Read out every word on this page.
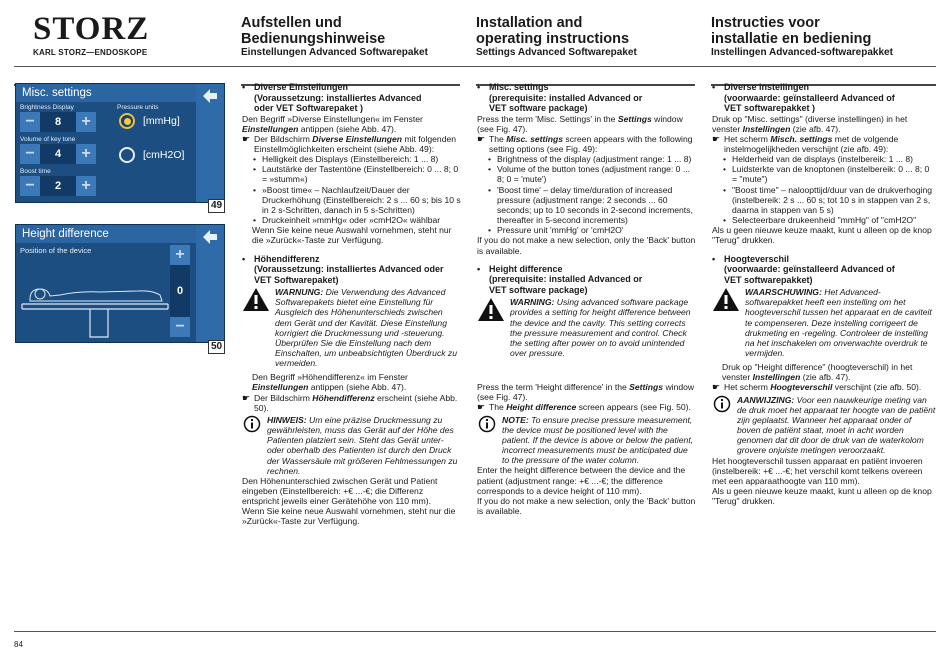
STORZ
KARL STORZ—ENDOSKOPE
Aufstellen und
Bedienungshinweise
Einstellungen Advanced Softwarepaket
Installation and
operating instructions
Settings Advanced Softwarepaket
Instructies voor
installatie en bediening
Instellingen Advanced-softwarepakket
Misc. settings
Brightness Display
−	8	+
Volume of key tone
−	4	+
Boost time
−	2	+
Pressure units
[mmHg]
[cmH2O]
49
Height difference
Position of the device	+
0
−
50
• Diverse Einstellungen
(Voraussetzung: installiertes Advanced
oder VET Softwarepaket )

Den Begriff »Diverse Einstellungen« im Fenster Einstellungen antippen (siehe Abb. 47).

☛ Der Bildschirm Diverse Einstellungen mit folgenden Einstellmöglichkeiten erscheint (siehe Abb. 49):
• Helligkeit des Displays (Einstellbereich: 1 ... 8)
• Lautstärke der Tastentöne (Einstellbereich: 0 ... 8; 0 = »stumm«)
• »Boost time« – Nachlaufzeit/Dauer der Druckerhöhung (Einstellbereich: 2 s ... 60 s; bis 10 s in 2 s-Schritten, danach in 5 s-Schritten)
• Druckeinheit »mmHg« oder »cmH2O« wählbar

Wenn Sie keine neue Auswahl vornehmen, steht nur die »Zurück«-Taste zur Verfügung.

• Höhendifferenz
(Voraussetzung: installiertes Advanced oder
VET Softwarepaket)
WARNUNG: Die Verwendung des Advanced Softwarepakets bietet eine Einstellung für Ausgleich des Höhenunterschieds zwischen dem Gerät und der Kavität. Diese Einstellung korrigiert die Druckmessung und -steuerung. Überprüfen Sie die Einstellung nach dem Einschalten, um unbeabsichtigten Überdruck zu vermeiden.

Den Begriff »Höhendifferenz« im Fenster Einstellungen antippen (siehe Abb. 47).

☛ Der Bildschirm Höhendifferenz erscheint (siehe Abb. 50).
HINWEIS: Um eine präzise Druckmessung zu gewährleisten, muss das Gerät auf der Höhe des Patienten platziert sein. Steht das Gerät unter- oder oberhalb des Patienten ist durch den Druck der Wassersäule mit größeren Fehlmessungen zu rechnen.

Den Höhenunterschied zwischen Gerät und Patient eingeben (Einstellbereich: +€ ...-€; die Differenz entspricht jeweils einer Gerätehöhe von 110 mm).

Wenn Sie keine neue Auswahl vornehmen, steht nur die »Zurück«-Taste zur Verfügung.

• Misc. settings
(prerequisite: installed Advanced or
VET software package)

Press the term 'Misc. Settings' in the Settings window (see Fig. 47).

☛ The Misc. settings screen appears with the following setting options (see Fig. 49):
• Brightness of the display (adjustment range: 1 ... 8)
• Volume of the button tones (adjustment range: 0 ... 8; 0 = 'mute')
• 'Boost time' – delay time/duration of increased pressure (adjustment range: 2 seconds ... 60 seconds; up to 10 seconds in 2-second increments, thereafter in 5-second increments)
• Pressure unit 'mmHg' or 'cmH2O'

If you do not make a new selection, only the 'Back' button is available.

• Height difference
(prerequisite: installed Advanced or
VET software package)
WARNING: Using advanced software package provides a setting for height difference between the device and the cavity. This setting corrects the pressure measurement and control. Check the setting after power on to avoid unintended over pressure.

Press the term 'Height difference' in the Settings window (see Fig. 47).

☛ The Height difference screen appears (see Fig. 50).
NOTE: To ensure precise pressure measurement, the device must be positioned level with the patient. If the device is above or below the patient, incorrect measurements must be anticipated due to the pressure of the water column.

Enter the height difference between the device and the patient (adjustment range: +€ ...-€; the difference corresponds to a device height of 110 mm).

If you do not make a new selection, only the 'Back' button is available.

• Diverse instellingen
(voorwaarde: geïnstalleerd Advanced of
VET softwarepakket )

Druk op "Misc. settings" (diverse instellingen) in het venster Instellingen (zie afb. 47).

☛ Het scherm Misch. settings met de volgende instelmogelijkheden verschijnt (zie afb. 49):
• Helderheid van de displays (instelbereik: 1 ... 8)
• Luidsterkte van de knoptonen (instelbereik: 0 ... 8; 0 = "mute")
• "Boost time" – naloopttijd/duur van de drukverhoging (instelbereik: 2 s ... 60 s; tot 10 s in stappen van 2 s, daarna in stappen van 5 s)
• Selecteerbare drukeenheid "mmHg" of "cmH2O"

Als u geen nieuwe keuze maakt, kunt u alleen op de knop "Terug" drukken.

• Hoogteverschil
(voorwaarde: geïnstalleerd Advanced of
VET softwarepakket)
WAARSCHUWING: Het Advanced-softwarepakket heeft een instelling om het hoogteverschil tussen het apparaat en de caviteit te compenseren. Deze instelling corrigeert de drukmeting en -regeling. Controleer de instelling na het inschakelen om onverwachte overdruk te vermijden.

Druk op "Height difference" (hoogteverschil) in het venster Instellingen (zie afb. 47).

☛ Het scherm Hoogteverschil verschijnt (zie afb. 50).
AANWIJZING: Voor een nauwkeurige meting van de druk moet het apparaat ter hoogte van de patiënt zijn geplaatst. Wanneer het apparaat onder of boven de patiënt staat, moet in acht worden genomen dat dit door de druk van de waterkolom grovere onjuiste metingen veroorzaakt.

Het hoogteverschil tussen apparaat en patiënt invoeren (instelbereik: +€ ...-€; het verschil komt telkens overeen met een apparaathoogte van 110 mm).

Als u geen nieuwe keuze maakt, kunt u alleen op de knop "Terug" drukken.

84
